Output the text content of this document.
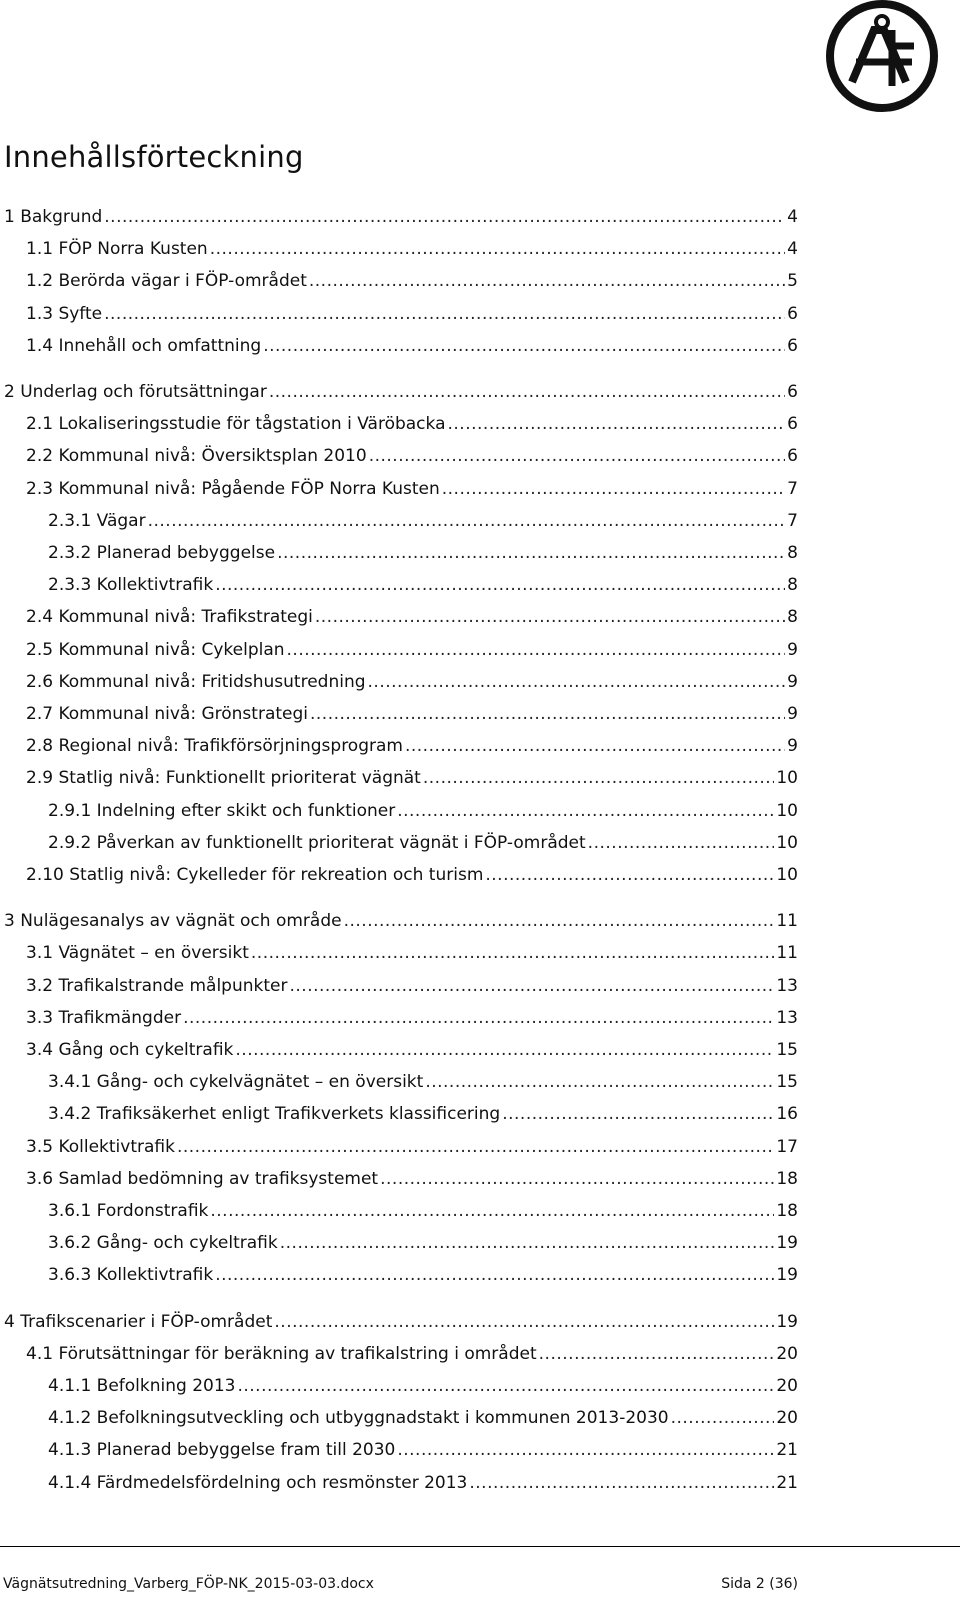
Innehållsförteckning
1 Bakgrund .....	4
1.1 FÖP Norra Kusten .....	4
1.2 Berörda vägar i FÖP-området .....	5
1.3 Syfte .....	6
1.4 Innehåll och omfattning .....	6
2 Underlag och förutsättningar .....	6
2.1 Lokaliseringsstudie för tågstation i Väröbacka .....	6
2.2 Kommunal nivå: Översiktsplan 2010 .....	6
2.3 Kommunal nivå: Pågående FÖP Norra Kusten .....	7
2.3.1 Vägar .....	7
2.3.2 Planerad bebyggelse .....	8
2.3.3 Kollektivtrafik .....	8
2.4 Kommunal nivå: Trafikstrategi .....	8
2.5 Kommunal nivå: Cykelplan .....	9
2.6 Kommunal nivå: Fritidshusutredning .....	9
2.7 Kommunal nivå: Grönstrategi .....	9
2.8 Regional nivå: Trafikförsörjningsprogram .....	9
2.9 Statlig nivå: Funktionellt prioriterat vägnät .....	10
2.9.1 Indelning efter skikt och funktioner .....	10
2.9.2 Påverkan av funktionellt prioriterat vägnät i FÖP-området .....	10
2.10 Statlig nivå: Cykelleder för rekreation och turism .....	10
3 Nulägesanalys av vägnät och område .....	11
3.1 Vägnätet – en översikt .....	11
3.2 Trafikalstrande målpunkter .....	13
3.3 Trafikmängder .....	13
3.4 Gång och cykeltrafik .....	15
3.4.1 Gång- och cykelvägnätet – en översikt .....	15
3.4.2 Trafiksäkerhet enligt Trafikverkets klassificering .....	16
3.5 Kollektivtrafik .....	17
3.6 Samlad bedömning av trafiksystemet .....	18
3.6.1 Fordonstrafik .....	18
3.6.2 Gång- och cykeltrafik .....	19
3.6.3 Kollektivtrafik .....	19
4 Trafikscenarier i FÖP-området .....	19
4.1 Förutsättningar för beräkning av trafikalstring i området .....	20
4.1.1 Befolkning 2013 .....	20
4.1.2 Befolkningsutveckling och utbyggnadstakt i kommunen 2013-2030 .....	20
4.1.3 Planerad bebyggelse fram till 2030 .....	21
4.1.4 Färdmedelsfördelning och resmönster 2013 .....	21
Vägnätsutredning_Varberg_FÖP-NK_2015-03-03.docx	Sida 2 (36)
